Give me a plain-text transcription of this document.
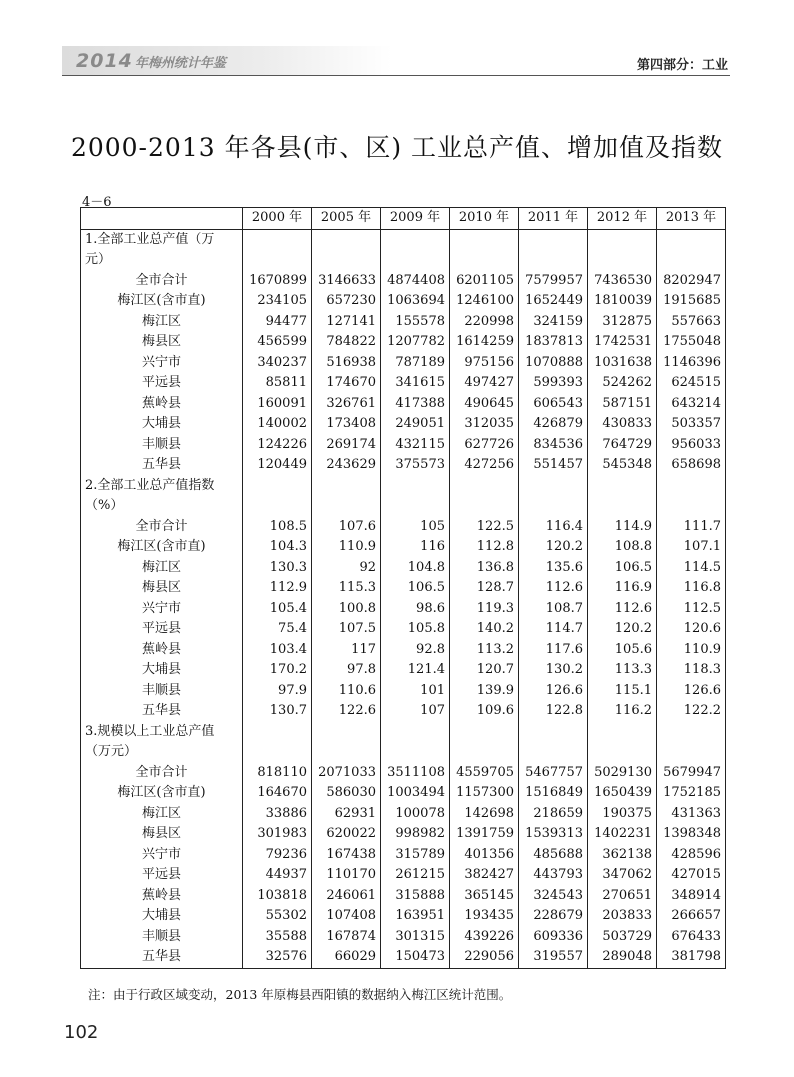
2014 年梅州统计年鉴	第四部分：工业
2000-2013 年各县(市、区) 工业总产值、增加值及指数
4－6
	2000 年	2005 年	2009 年	2010 年	2011 年	2012 年	2013 年
1.全部工业总产值（万							
元）							
全市合计	1670899	3146633	4874408	6201105	7579957	7436530	8202947
梅江区(含市直)	234105	657230	1063694	1246100	1652449	1810039	1915685
梅江区	94477	127141	155578	220998	324159	312875	557663
梅县区	456599	784822	1207782	1614259	1837813	1742531	1755048
兴宁市	340237	516938	787189	975156	1070888	1031638	1146396
平远县	85811	174670	341615	497427	599393	524262	624515
蕉岭县	160091	326761	417388	490645	606543	587151	643214
大埔县	140002	173408	249051	312035	426879	430833	503357
丰顺县	124226	269174	432115	627726	834536	764729	956033
五华县	120449	243629	375573	427256	551457	545348	658698
2.全部工业总产值指数							
（%）							
全市合计	108.5	107.6	105	122.5	116.4	114.9	111.7
梅江区(含市直)	104.3	110.9	116	112.8	120.2	108.8	107.1
梅江区	130.3	92	104.8	136.8	135.6	106.5	114.5
梅县区	112.9	115.3	106.5	128.7	112.6	116.9	116.8
兴宁市	105.4	100.8	98.6	119.3	108.7	112.6	112.5
平远县	75.4	107.5	105.8	140.2	114.7	120.2	120.6
蕉岭县	103.4	117	92.8	113.2	117.6	105.6	110.9
大埔县	170.2	97.8	121.4	120.7	130.2	113.3	118.3
丰顺县	97.9	110.6	101	139.9	126.6	115.1	126.6
五华县	130.7	122.6	107	109.6	122.8	116.2	122.2
3.规模以上工业总产值							
（万元）							
全市合计	818110	2071033	3511108	4559705	5467757	5029130	5679947
梅江区(含市直)	164670	586030	1003494	1157300	1516849	1650439	1752185
梅江区	33886	62931	100078	142698	218659	190375	431363
梅县区	301983	620022	998982	1391759	1539313	1402231	1398348
兴宁市	79236	167438	315789	401356	485688	362138	428596
平远县	44937	110170	261215	382427	443793	347062	427015
蕉岭县	103818	246061	315888	365145	324543	270651	348914
大埔县	55302	107408	163951	193435	228679	203833	266657
丰顺县	35588	167874	301315	439226	609336	503729	676433
五华县	32576	66029	150473	229056	319557	289048	381798
注：由于行政区域变动，2013 年原梅县西阳镇的数据纳入梅江区统计范围。
102
